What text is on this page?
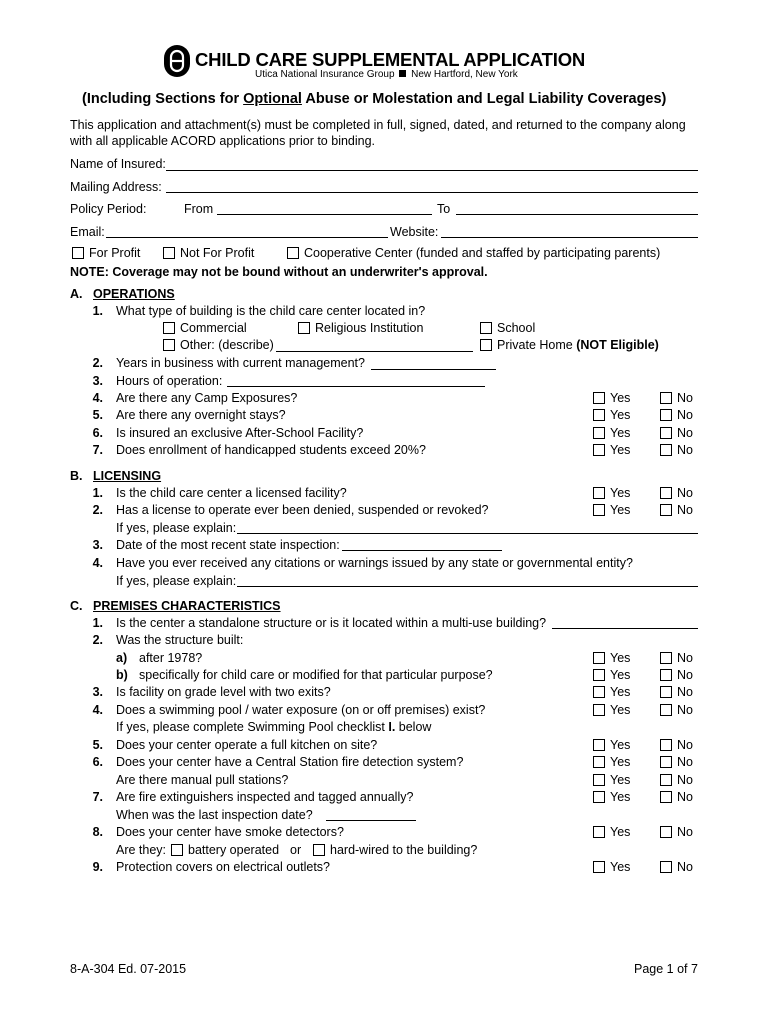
CHILD CARE SUPPLEMENTAL APPLICATION
Utica National Insurance Group New Hartford, New York
(Including Sections for Optional Abuse or Molestation and Legal Liability Coverages)
This application and attachment(s) must be completed in full, signed, dated, and returned to the company along
with all applicable ACORD applications prior to binding.
Name of Insured:
Mailing Address:
Policy Period:	From	To
Email:	Website:
For Profit	Not For Profit	Cooperative Center (funded and staffed by participating parents)
NOTE: Coverage may not be bound without an underwriter's approval.
A. OPERATIONS
1. What type of building is the child care center located in?
Commercial	Religious Institution	School
Other: (describe)	Private Home (NOT Eligible)
2. Years in business with current management?
3. Hours of operation:
4. Are there any Camp Exposures?	Yes	No
5. Are there any overnight stays?	Yes	No
6. Is insured an exclusive After-School Facility?	Yes	No
7. Does enrollment of handicapped students exceed 20%?	Yes	No
B. LICENSING
1. Is the child care center a licensed facility?	Yes	No
2. Has a license to operate ever been denied, suspended or revoked?	Yes	No
If yes, please explain:
3. Date of the most recent state inspection:
4. Have you ever received any citations or warnings issued by any state or governmental entity?
If yes, please explain:
C. PREMISES CHARACTERISTICS
1. Is the center a standalone structure or is it located within a multi-use building?
2. Was the structure built:
a) after 1978?	Yes	No
b) specifically for child care or modified for that particular purpose?	Yes	No
3. Is facility on grade level with two exits?	Yes	No
4. Does a swimming pool / water exposure (on or off premises) exist?	Yes	No
If yes, please complete Swimming Pool checklist I. below
5. Does your center operate a full kitchen on site?	Yes	No
6. Does your center have a Central Station fire detection system?	Yes	No
Are there manual pull stations?	Yes	No
7. Are fire extinguishers inspected and tagged annually?	Yes	No
When was the last inspection date?
8. Does your center have smoke detectors?	Yes	No
Are they: battery operated or hard-wired to the building?
9. Protection covers on electrical outlets?	Yes	No
8-A-304 Ed. 07-2015	Page 1 of 7
